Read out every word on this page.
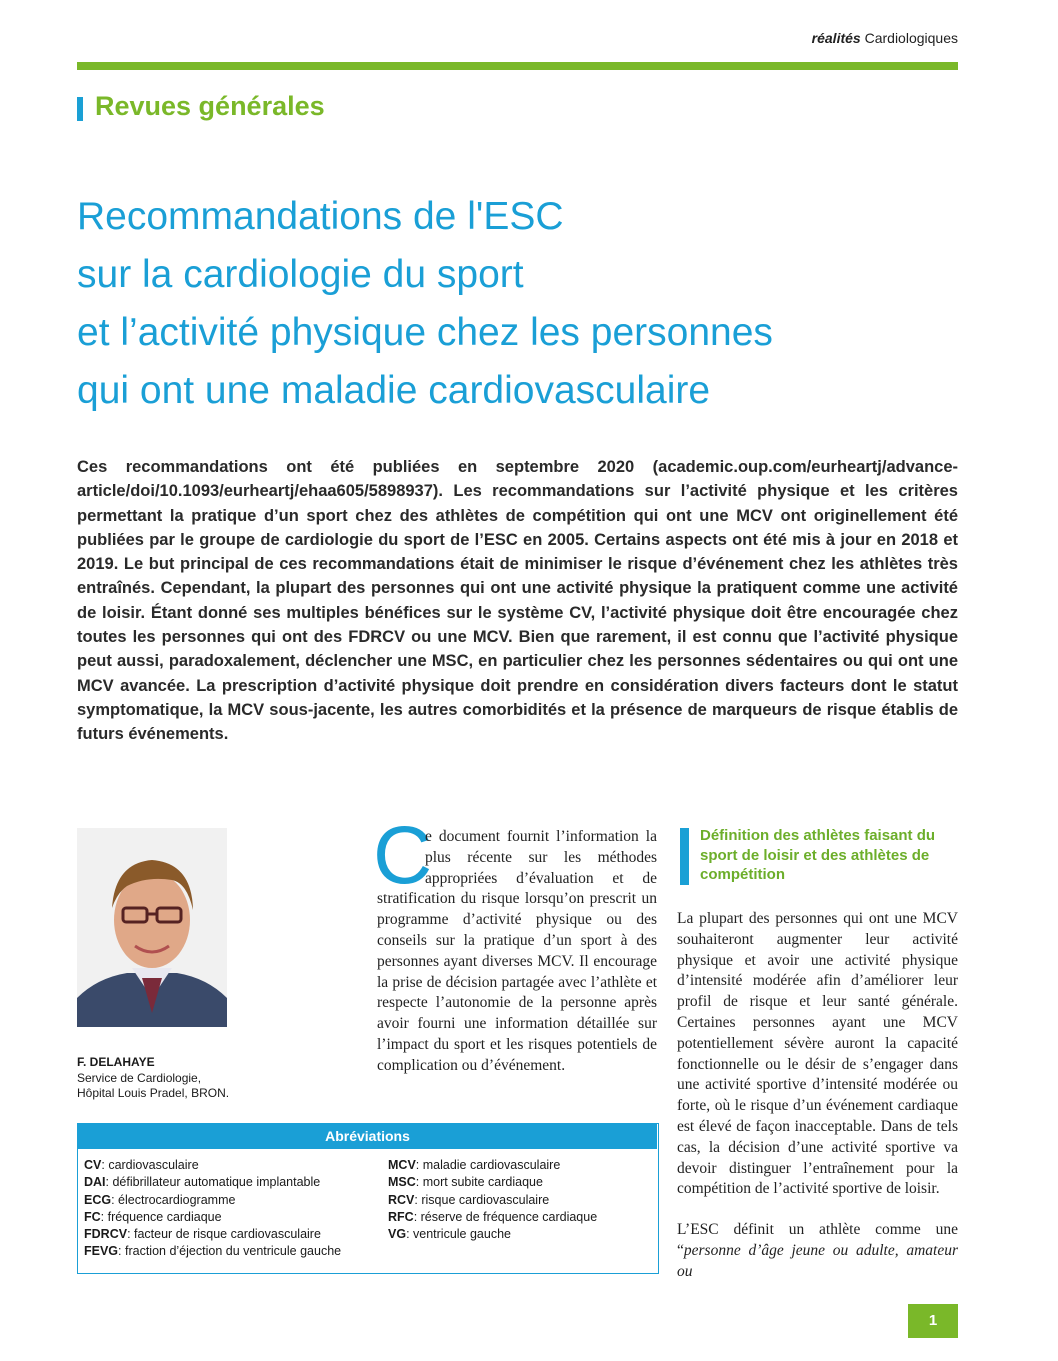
réalités Cardiologiques
Revues générales
Recommandations de l'ESC
sur la cardiologie du sport
et l’activité physique chez les personnes
qui ont une maladie cardiovasculaire
Ces recommandations ont été publiées en septembre 2020 (academic.oup.com/eurheartj/advance-article/doi/10.1093/eurheartj/ehaa605/5898937). Les recommandations sur l’activité physique et les critères permettant la pratique d’un sport chez des athlètes de compétition qui ont une MCV ont originellement été publiées par le groupe de cardiologie du sport de l’ESC en 2005. Certains aspects ont été mis à jour en 2018 et 2019. Le but principal de ces recommandations était de minimiser le risque d’événement chez les athlètes très entraînés. Cependant, la plupart des personnes qui ont une activité physique la pratiquent comme une activité de loisir. Étant donné ses multiples bénéfices sur le système CV, l’activité physique doit être encouragée chez toutes les personnes qui ont des FDRCV ou une MCV. Bien que rarement, il est connu que l’activité physique peut aussi, paradoxalement, déclencher une MSC, en particulier chez les personnes sédentaires ou qui ont une MCV avancée. La prescription d’activité physique doit prendre en considération divers facteurs dont le statut symptomatique, la MCV sous-jacente, les autres comorbidités et la présence de marqueurs de risque établis de futurs événements.
F. DELAHAYE
Service de Cardiologie,
Hôpital Louis Pradel, BRON.
C
e document fournit l’information la plus récente sur les méthodes appropriées d’évaluation et de stratification du risque lorsqu’on prescrit un programme d’activité physique ou des conseils sur la pratique d’un sport à des personnes ayant diverses MCV. Il encourage la prise de décision partagée avec l’athlète et respecte l’autonomie de la personne après avoir fourni une information détaillée sur l’impact du sport et les risques potentiels de complication ou d’événement.
Définition des athlètes faisant du sport de loisir et des athlètes de compétition

La plupart des personnes qui ont une MCV souhaiteront augmenter leur activité physique et avoir une activité physique d’intensité modérée afin d’améliorer leur profil de risque et leur santé générale. Certaines personnes ayant une MCV potentiellement sévère auront la capacité fonctionnelle ou le désir de s’engager dans une activité sportive d’intensité modérée ou forte, où le risque d’un événement cardiaque est élevé de façon inacceptable. Dans de tels cas, la décision d’une activité sportive va devoir distinguer l’entraînement pour la compétition de l’activité sportive de loisir.

L’ESC définit un athlète comme une “personne d’âge jeune ou adulte, amateur ou

Abréviations
CV: cardiovasculaire
DAI: défibrillateur automatique implantable
ECG: électrocardiogramme
FC: fréquence cardiaque
FDRCV: facteur de risque cardiovasculaire
FEVG: fraction d’éjection du ventricule gauche
MCV: maladie cardiovasculaire
MSC: mort subite cardiaque
RCV: risque cardiovasculaire
RFC: réserve de fréquence cardiaque
VG: ventricule gauche
1
